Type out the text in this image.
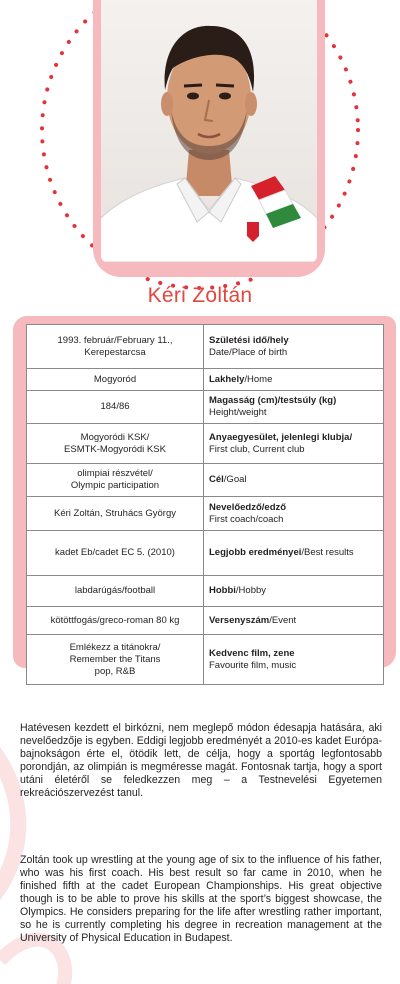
Kéri Zoltán
1993. február/February 11.,
Kerepestarcsa	Születési idő/hely
Date/Place of birth
Mogyoród	Lakhely/Home
184/86	Magasság (cm)/testsúly (kg)
Height/weight
Mogyoródi KSK/
ESMTK-Mogyoródi KSK	Anyaegyesület, jelenlegi klubja/
First club, Current club
olimpiai részvétel/
Olympic participation	Cél/Goal
Kéri Zoltán, Struhács György	Nevelőedző/edző
First coach/coach
kadet Eb/cadet EC 5. (2010)	Legjobb eredményei/Best results
labdarúgás/football	Hobbi/Hobby
kötöttfogás/greco-roman 80 kg	Versenyszám/Event
Emlékezz a titánokra/
Remember the Titans
pop, R&B	Kedvenc film, zene
Favourite film, music

Hatévesen kezdett el birkózni, nem meglepő módon édesapja hatására, aki nevelőedzője is egyben. Eddigi legjobb eredményét a 2010-es kadet Európa-bajnokságon érte el, ötödik lett, de célja, hogy a sportág legfontosabb porondján, az olimpián is megméresse magát. Fontosnak tartja, hogy a sport utáni életéről se feledkezzen meg – a Testnevelési Egyetemen rekreációszervezést tanul.

Zoltán took up wrestling at the young age of six to the influence of his father, who was his first coach. His best result so far came in 2010, when he finished fifth at the cadet European Championships. His great objective though is to be able to prove his skills at the sport’s biggest showcase, the Olympics. He considers preparing for the life after wrestling rather important, so he is currently completing his degree in recreation management at the University of Physical Education in Budapest.
